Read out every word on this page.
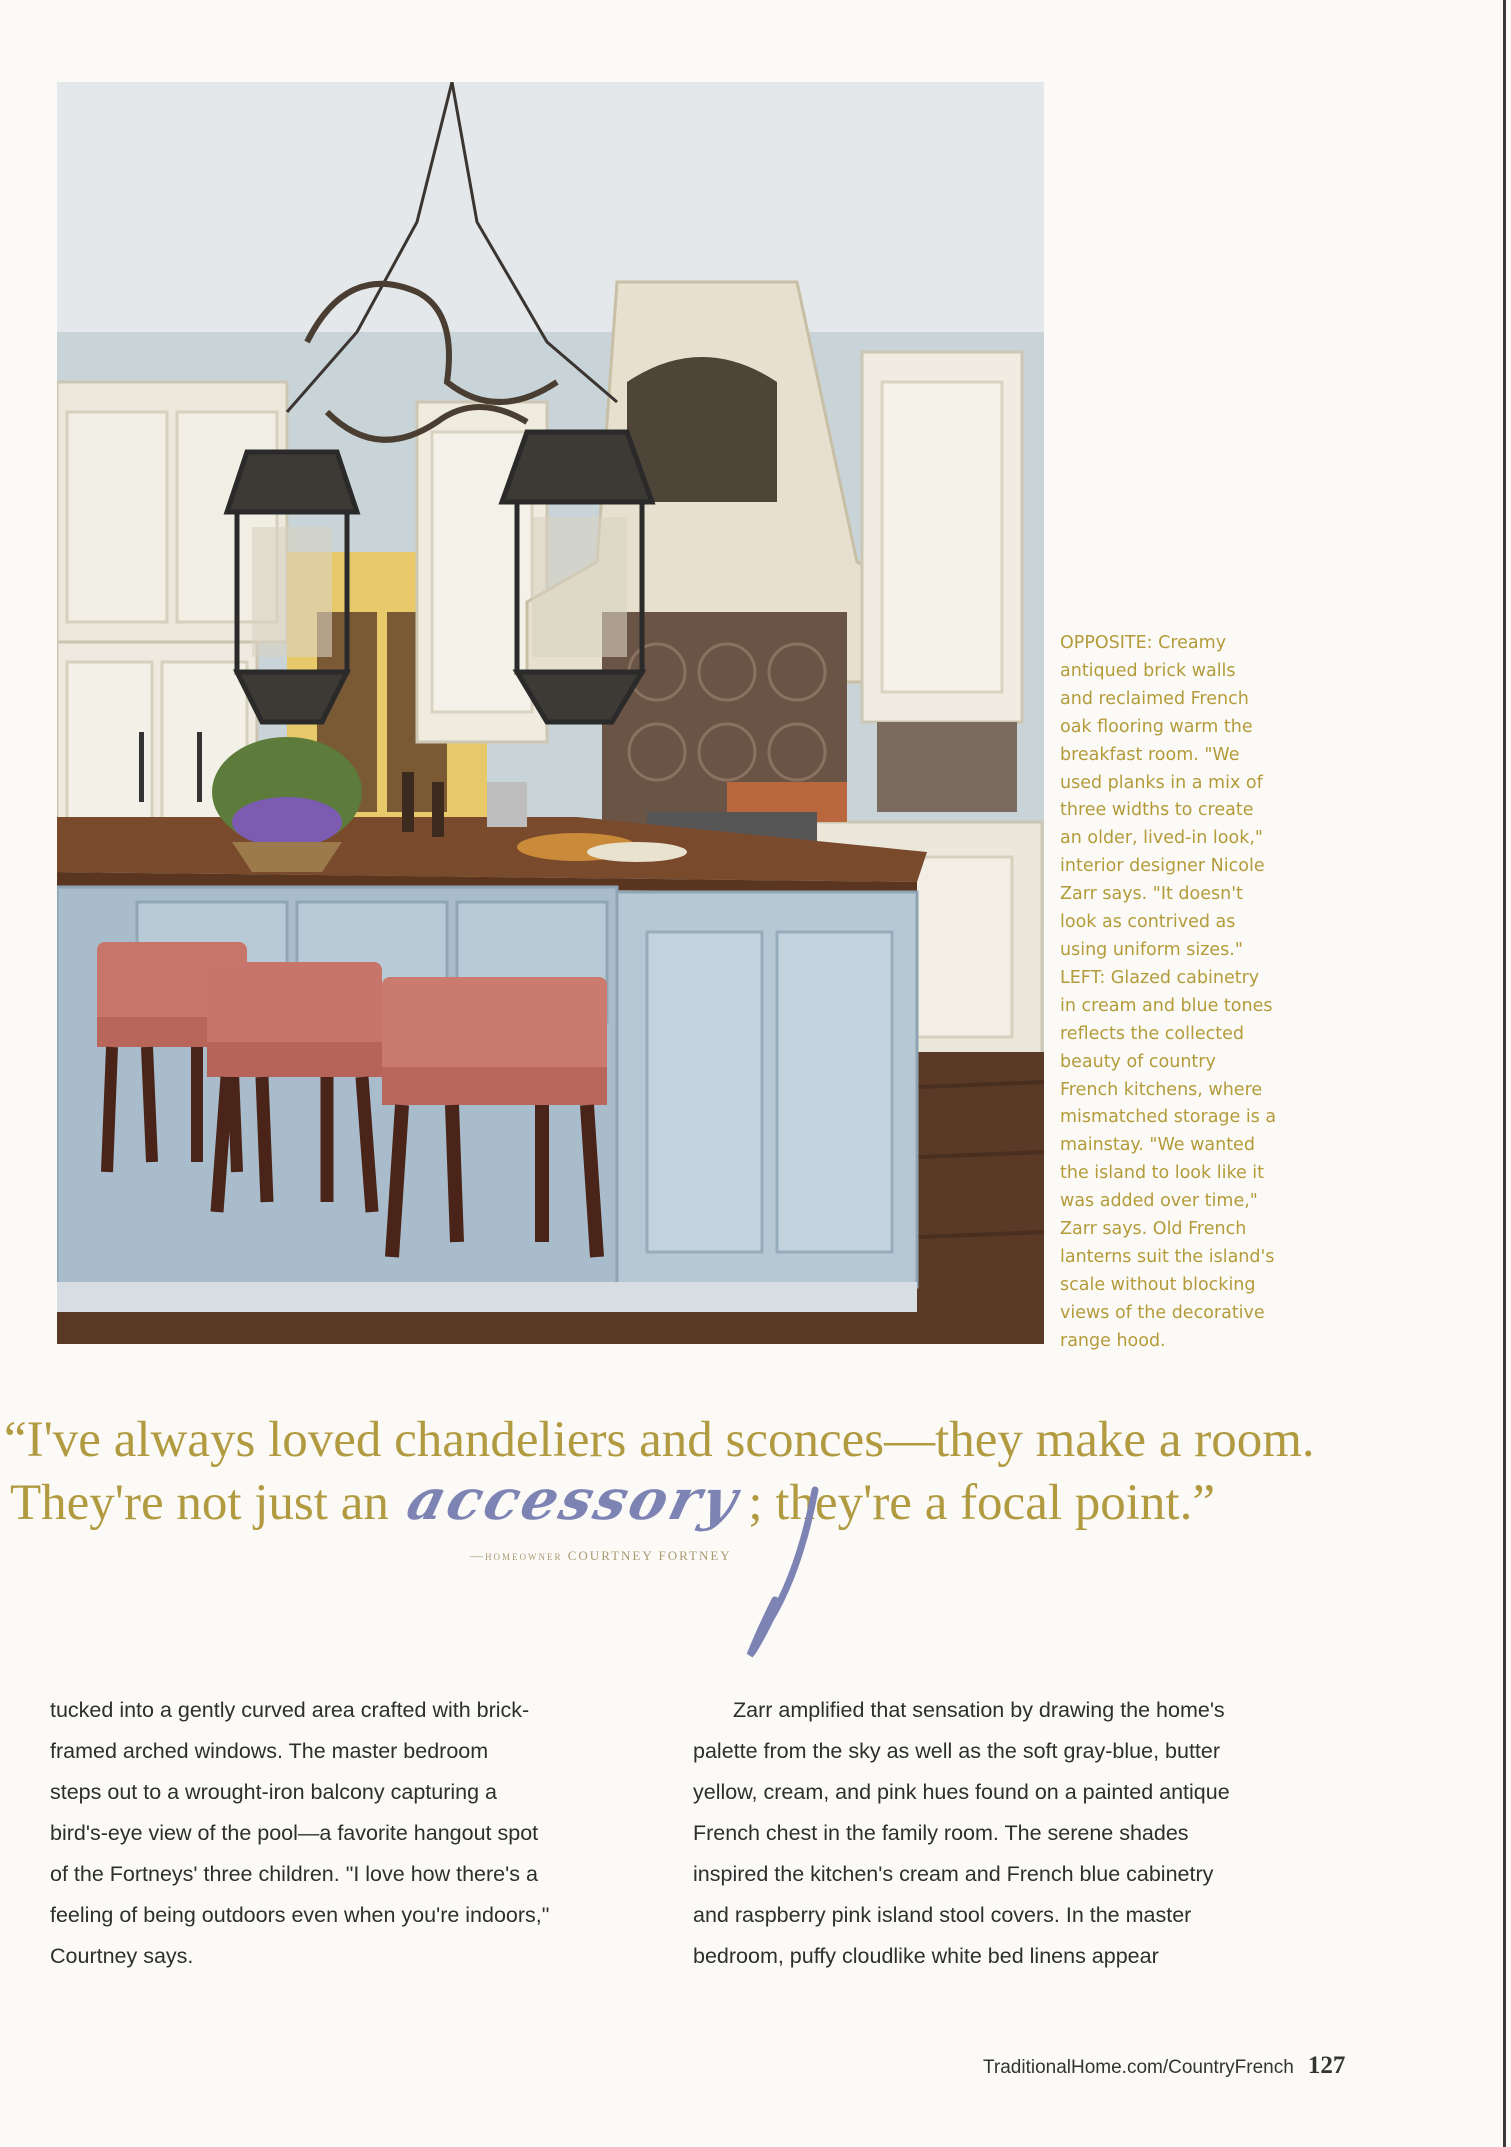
OPPOSITE: Creamy
antiqued brick walls
and reclaimed French
oak flooring warm the
breakfast room. "We
used planks in a mix of
three widths to create
an older, lived-in look,"
interior designer Nicole
Zarr says. "It doesn't
look as contrived as
using uniform sizes."
LEFT: Glazed cabinetry
in cream and blue tones
reflects the collected
beauty of country
French kitchens, where
mismatched storage is a
mainstay. "We wanted
the island to look like it
was added over time,"
Zarr says. Old French
lanterns suit the island's
scale without blocking
views of the decorative
range hood.

“I've always loved chandeliers and sconces—they make a room.
They're not just an accessory; they're a focal point.”
—homeowner COURTNEY FORTNEY

tucked into a gently curved area crafted with brick-
framed arched windows. The master bedroom
steps out to a wrought-iron balcony capturing a
bird's-eye view of the pool—a favorite hangout spot
of the Fortneys' three children. "I love how there's a
feeling of being outdoors even when you're indoors,"
Courtney says.

Zarr amplified that sensation by drawing the home's
palette from the sky as well as the soft gray-blue, butter
yellow, cream, and pink hues found on a painted antique
French chest in the family room. The serene shades
inspired the kitchen's cream and French blue cabinetry
and raspberry pink island stool covers. In the master
bedroom, puffy cloudlike white bed linens appear

TraditionalHome.com/CountryFrench 127
